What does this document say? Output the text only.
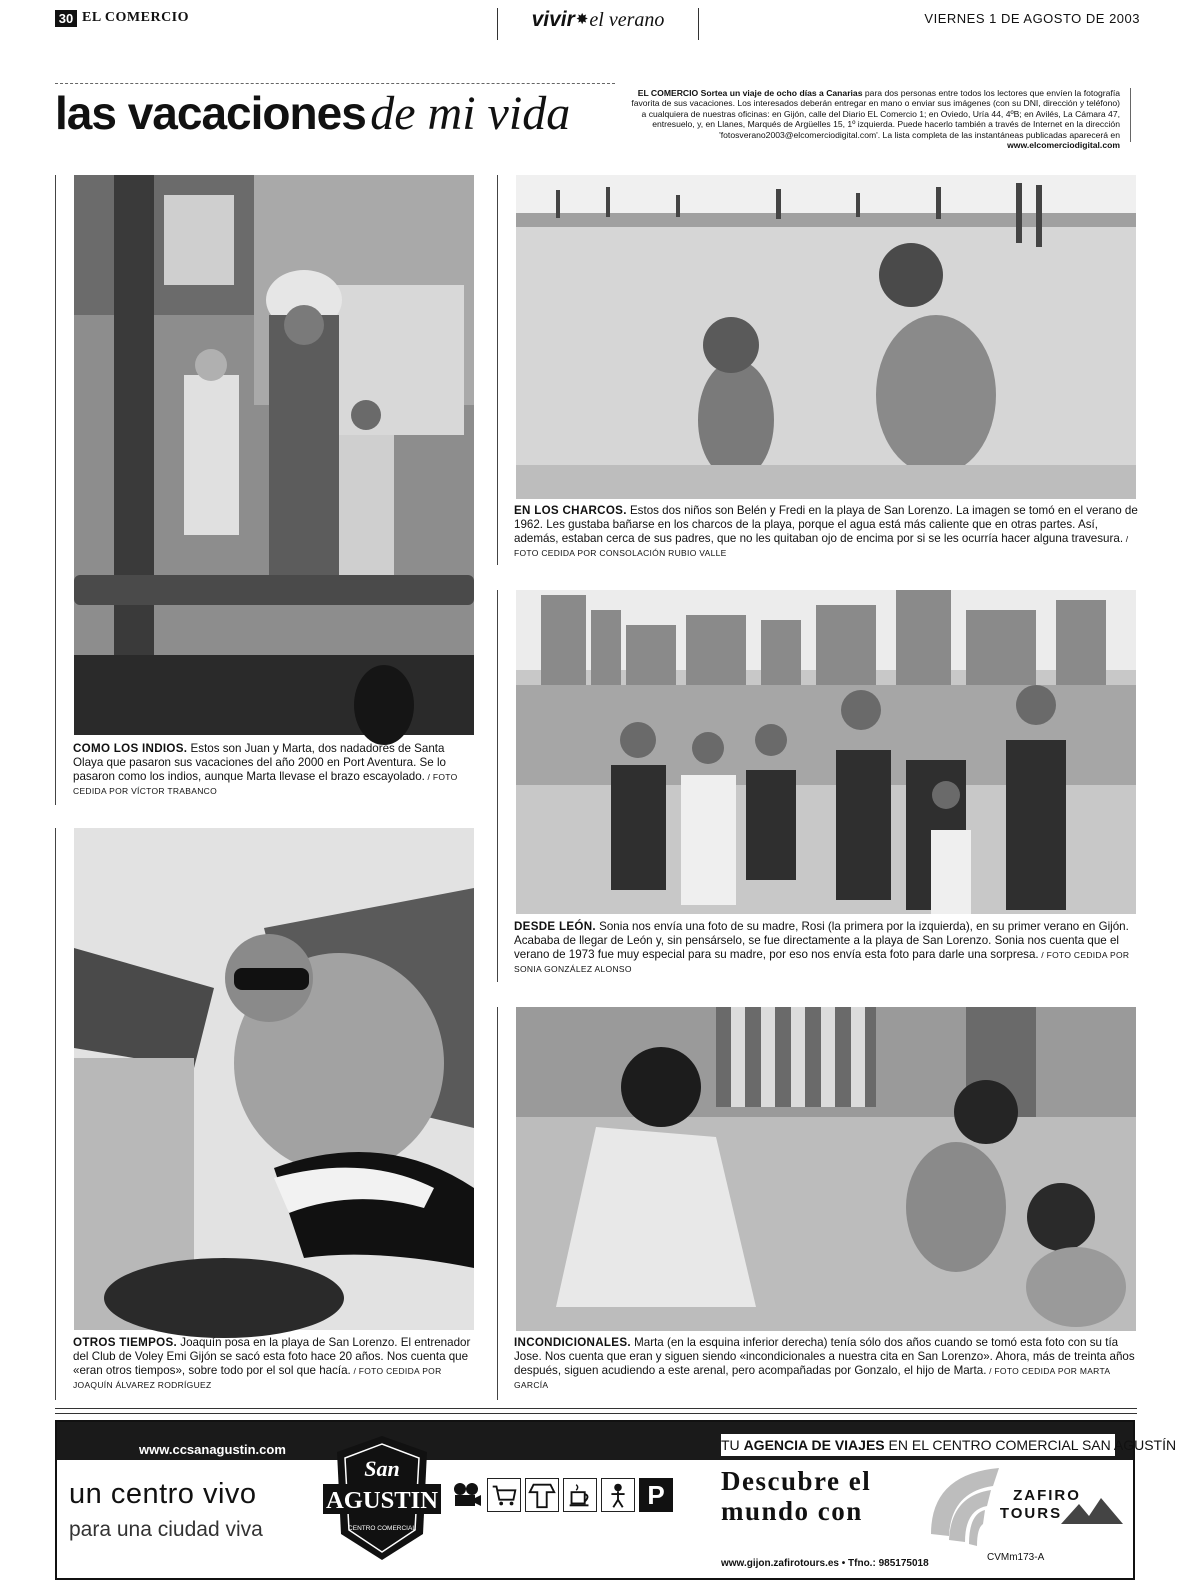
30 EL COMERCIO	vivir✸el verano	VIERNES 1 DE AGOSTO DE 2003
las vacaciones de mi vida	EL COMERCIO Sortea un viaje de ocho días a Canarias para dos personas entre todos los lectores que envíen la fotografía favorita de sus vacaciones. Los interesados deberán entregar en mano o enviar sus imágenes (con su DNI, dirección y teléfono) a cualquiera de nuestras oficinas: en Gijón, calle del Diario EL Comercio 1; en Oviedo, Uría 44, 4ºB; en Avilés, La Cámara 47, entresuelo, y, en Llanes, Marqués de Argüelles 15, 1º izquierda. Puede hacerlo también a través de Internet en la dirección 'fotosverano2003@elcomerciodigital.com'. La lista completa de las instantáneas publicadas aparecerá en www.elcomerciodigital.com
COMO LOS INDIOS. Estos son Juan y Marta, dos nadadores de Santa Olaya que pasaron sus vacaciones del año 2000 en Port Aventura. Se lo pasaron como los indios, aunque Marta llevase el brazo escayolado. / FOTO CEDIDA POR VÍCTOR TRABANCO
EN LOS CHARCOS. Estos dos niños son Belén y Fredi en la playa de San Lorenzo. La imagen se tomó en el verano de 1962. Les gustaba bañarse en los charcos de la playa, porque el agua está más caliente que en otras partes. Así, además, estaban cerca de sus padres, que no les quitaban ojo de encima por si se les ocurría hacer alguna travesura. / FOTO CEDIDA POR CONSOLACIÓN RUBIO VALLE
DESDE LEÓN. Sonia nos envía una foto de su madre, Rosi (la primera por la izquierda), en su primer verano en Gijón. Acababa de llegar de León y, sin pensárselo, se fue directamente a la playa de San Lorenzo. Sonia nos cuenta que el verano de 1973 fue muy especial para su madre, por eso nos envía esta foto para darle una sorpresa. / FOTO CEDIDA POR SONIA GONZÁLEZ ALONSO
OTROS TIEMPOS. Joaquín posa en la playa de San Lorenzo. El entrenador del Club de Voley Emi Gijón se sacó esta foto hace 20 años. Nos cuenta que «eran otros tiempos», sobre todo por el sol que hacía. / FOTO CEDIDA POR JOAQUÍN ÁLVAREZ RODRÍGUEZ
INCONDICIONALES. Marta (en la esquina inferior derecha) tenía sólo dos años cuando se tomó esta foto con su tía Jose. Nos cuenta que eran y siguen siendo «incondicionales a nuestra cita en San Lorenzo». Ahora, más de treinta años después, siguen acudiendo a este arenal, pero acompañadas por Gonzalo, el hijo de Marta. / FOTO CEDIDA POR MARTA GARCÍA
www.ccsanagustin.com	TU AGENCIA DE VIAJES EN EL CENTRO COMERCIAL SAN AGUSTÍN
un centro vivo
para una ciudad viva
San
AGUSTIN
CENTRO COMERCIAL
P	Descubre el
mundo con
www.gijon.zafirotours.es • Tfno.: 985175018
ZAFIRO
TOURS
CVMm173-A
